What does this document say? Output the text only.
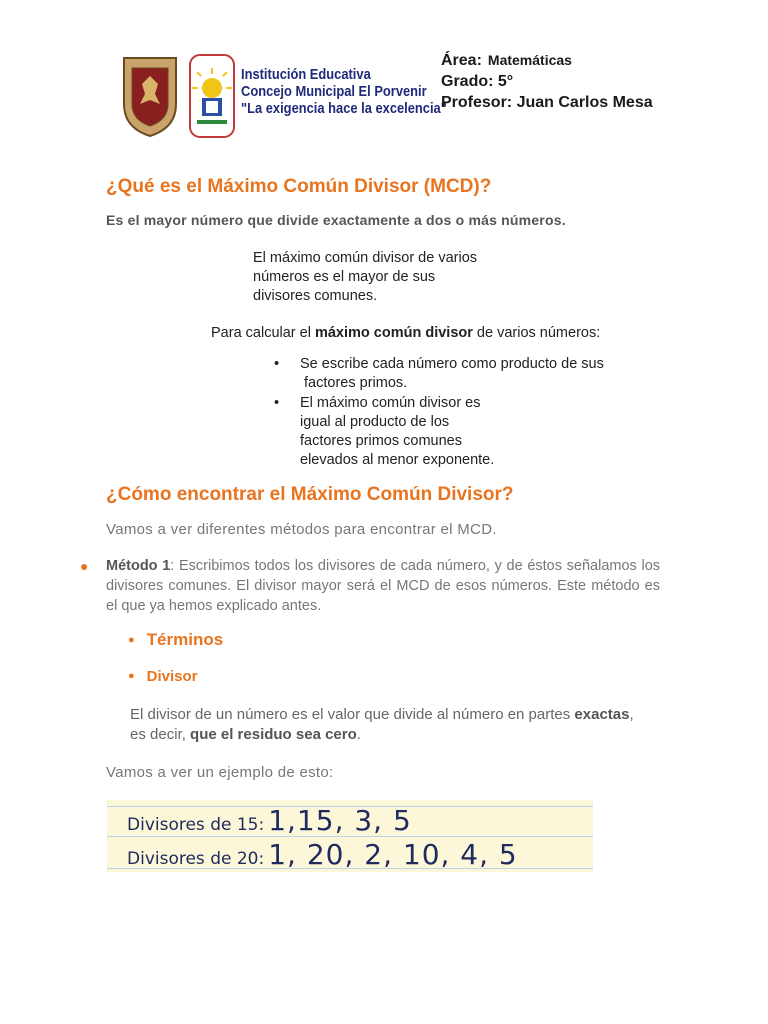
Institución Educativa
Concejo Municipal El Porvenir
"La exigencia hace la excelencia"
Área: Matemáticas
Grado: 5°
Profesor: Juan Carlos Mesa
¿Qué es el Máximo Común Divisor (MCD)?
Es el mayor número que divide exactamente a dos o más números.
El máximo común divisor de varios
números es el mayor de sus
divisores comunes.
Para calcular el máximo común divisor de varios números:
• Se escribe cada número como producto de sus
factores primos.
• El máximo común divisor es
igual al producto de los
factores primos comunes
elevados al menor exponente.
¿Cómo encontrar el Máximo Común Divisor?
Vamos a ver diferentes métodos para encontrar el MCD.
● Método 1: Escribimos todos los divisores de cada número, y de éstos señalamos los divisores comunes. El divisor mayor será el MCD de esos números. Este método es el que ya hemos explicado antes.
● Términos
● Divisor
El divisor de un número es el valor que divide al número en partes exactas, es decir, que el residuo sea cero.
Vamos a ver un ejemplo de esto:
Divisores de 15: 1,15, 3, 5
Divisores de 20: 1, 20, 2, 10, 4, 5
